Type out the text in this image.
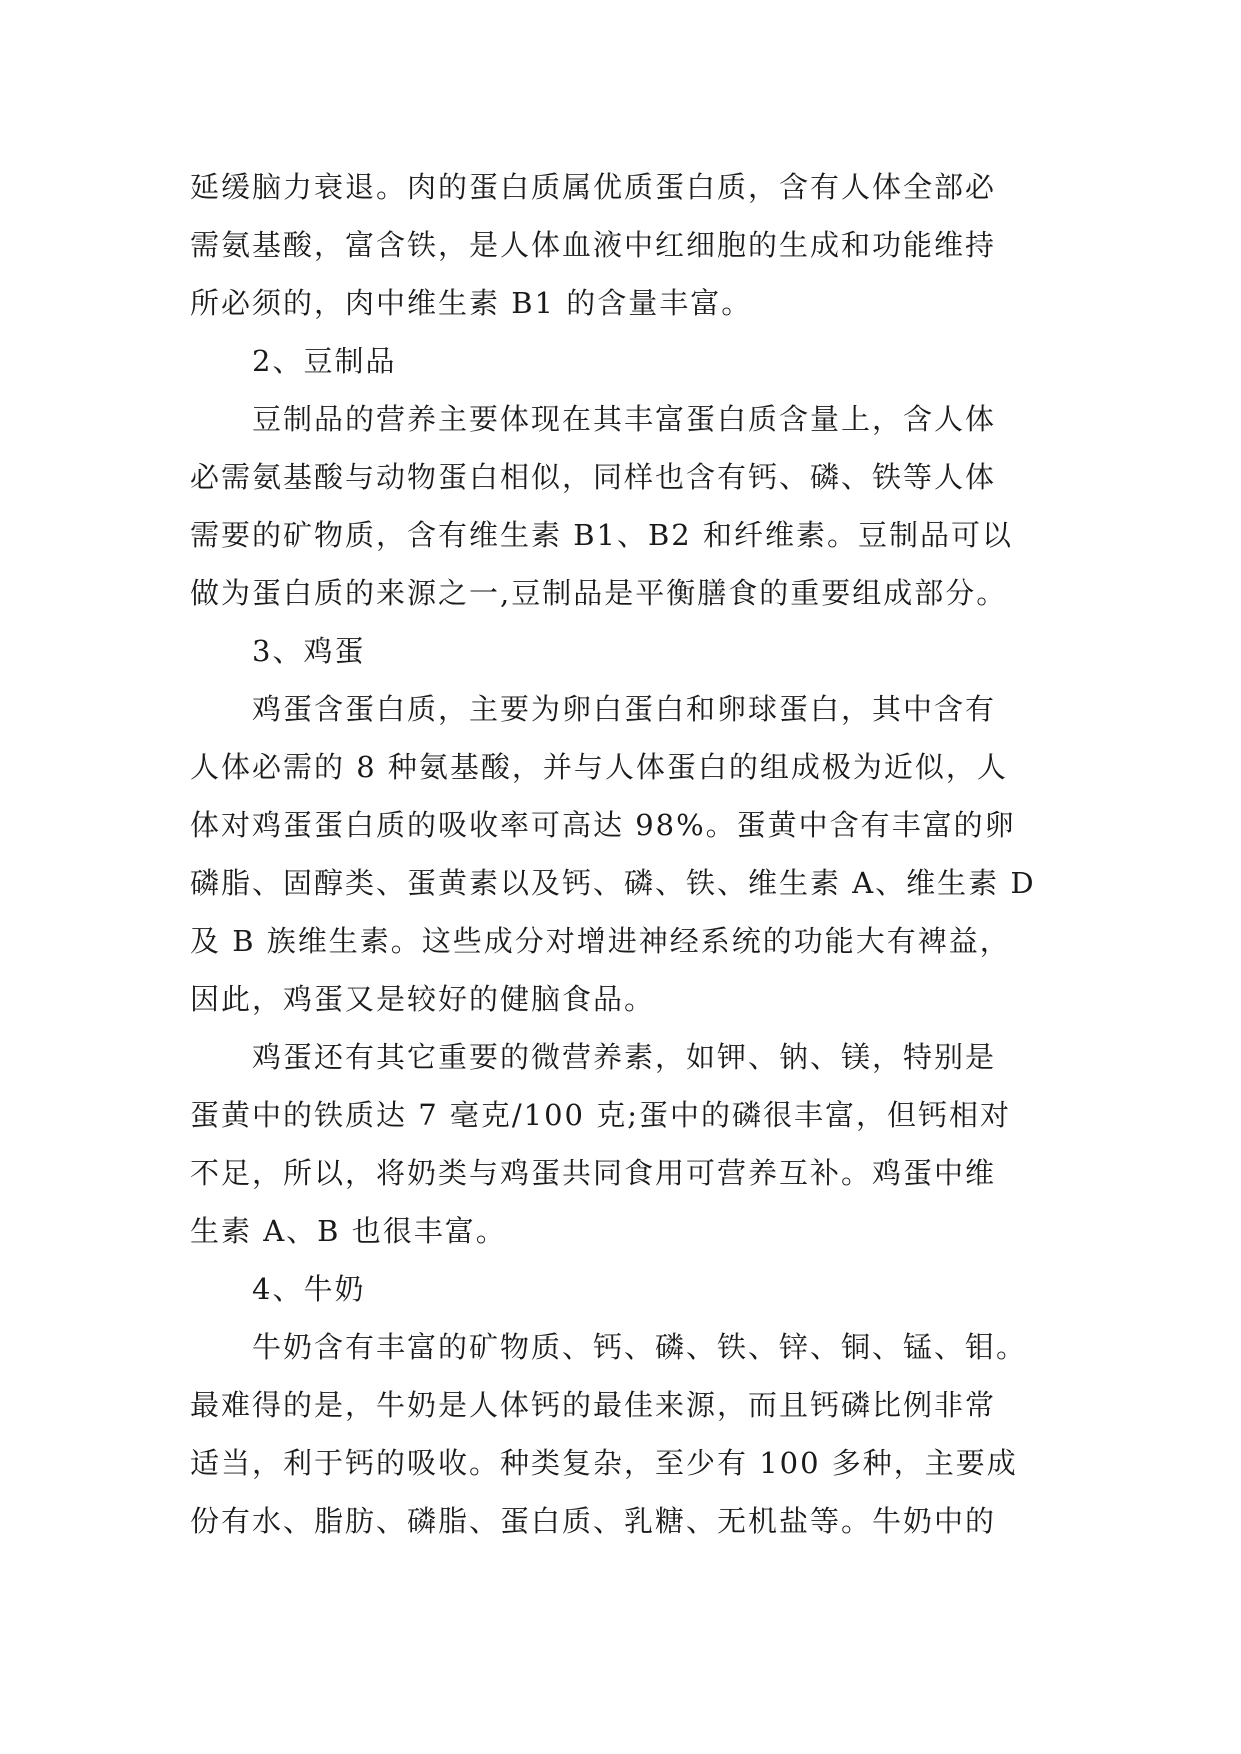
延缓脑力衰退。肉的蛋白质属优质蛋白质，含有人体全部必
需氨基酸，富含铁，是人体血液中红细胞的生成和功能维持
所必须的，肉中维生素 B1 的含量丰富。
2、豆制品
豆制品的营养主要体现在其丰富蛋白质含量上，含人体
必需氨基酸与动物蛋白相似，同样也含有钙、磷、铁等人体
需要的矿物质，含有维生素 B1、B2 和纤维素。豆制品可以
做为蛋白质的来源之一,豆制品是平衡膳食的重要组成部分。
3、鸡蛋
鸡蛋含蛋白质，主要为卵白蛋白和卵球蛋白，其中含有
人体必需的 8 种氨基酸，并与人体蛋白的组成极为近似，人
体对鸡蛋蛋白质的吸收率可高达 98%。蛋黄中含有丰富的卵
磷脂、固醇类、蛋黄素以及钙、磷、铁、维生素 A、维生素 D
及 B 族维生素。这些成分对增进神经系统的功能大有裨益，
因此，鸡蛋又是较好的健脑食品。
鸡蛋还有其它重要的微营养素，如钾、钠、镁，特别是
蛋黄中的铁质达 7 毫克/100 克;蛋中的磷很丰富，但钙相对
不足，所以，将奶类与鸡蛋共同食用可营养互补。鸡蛋中维
生素 A、B 也很丰富。
4、牛奶
牛奶含有丰富的矿物质、钙、磷、铁、锌、铜、锰、钼。
最难得的是，牛奶是人体钙的最佳来源，而且钙磷比例非常
适当，利于钙的吸收。种类复杂，至少有 100 多种，主要成
份有水、脂肪、磷脂、蛋白质、乳糖、无机盐等。牛奶中的
